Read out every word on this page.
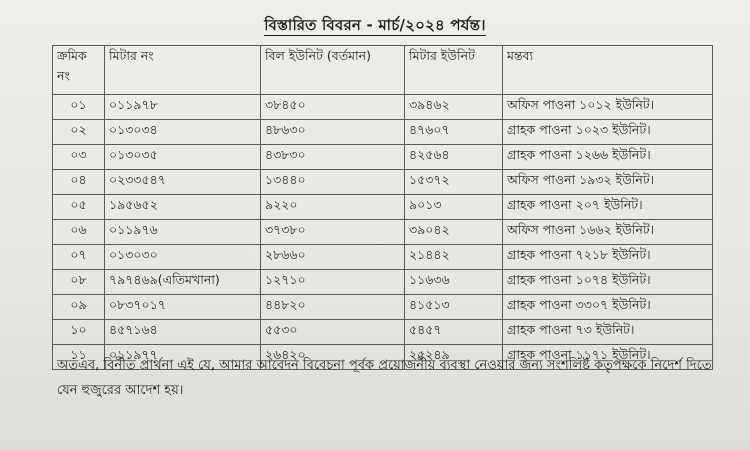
বিস্তারিত বিবরন - মার্চ/২০২৪ পর্যন্ত।
ক্রমিক নং	মিটার নং	বিল ইউনিট (বর্তমান)	মিটার ইউনিট	মন্তব্য
০১	০১১৯৭৮	৩৮৪৫০	৩৯৪৬২	অফিস পাওনা ১০১২ ইউনিট।
০২	০১৩০৩৪	৪৮৬৩০	৪৭৬০৭	গ্রাহক পাওনা ১০২৩ ইউনিট।
০৩	০১৩০৩৫	৪৩৮৩০	৪২৫৬৪	গ্রাহক পাওনা ১২৬৬ ইউনিট।
০৪	০২৩৩৫৪৭	১৩৪৪০	১৫৩৭২	অফিস পাওনা ১৯৩২ ইউনিট।
০৫	১৯৫৬৫২	৯২২০	৯০১৩	গ্রাহক পাওনা ২০৭ ইউনিট।
০৬	০১১৯৭৬	৩৭৩৮০	৩৯০৪২	অফিস পাওনা ১৬৬২ ইউনিট।
০৭	০১৩০৩০	২৮৬৬০	২১৪৪২	গ্রাহক পাওনা ৭২১৮ ইউনিট।
০৮	৭৯৭৪৬৯(এতিমখানা)	১২৭১০	১১৬৩৬	গ্রাহক পাওনা ১০৭৪ ইউনিট।
০৯	০৮৩৭০১৭	৪৪৮২০	৪১৫১৩	গ্রাহক পাওনা ৩৩০৭ ইউনিট।
১০	৪৫৭১৬৪	৫৫৩০	৫৪৫৭	গ্রাহক পাওনা ৭৩ ইউনিট।
১১	০১১৯৭৭	২৬৪২০	২৫২৪৯	গ্রাহক পাওনা ১১৭১ ইউনিট।
অতএব, বিনীত প্রার্থনা এই যে, আমার আবেদন বিবেচনা পূর্বক প্রয়োজনীয় ব্যবস্থা নেওয়ার জন্য সংশলিষ্ট কতৃপক্ষকে নিদের্শ দিতে যেন হুজুরের আদেশ হয়।
